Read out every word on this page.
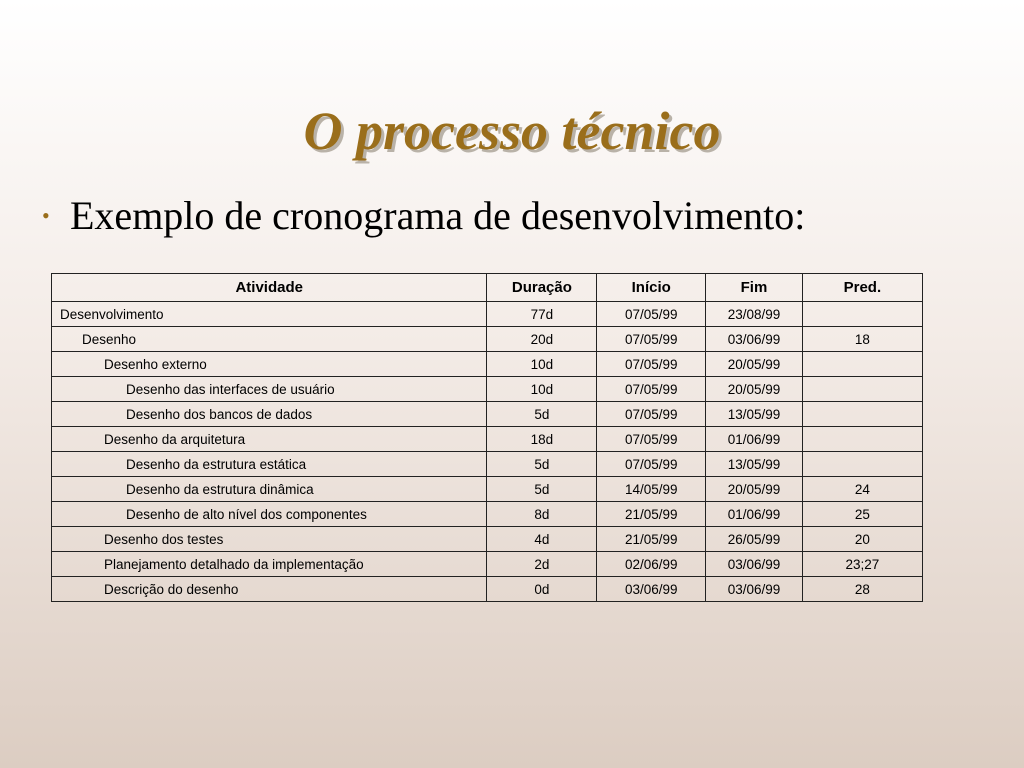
O processo técnico
• Exemplo de cronograma de desenvolvimento:
Atividade	Duração	Início	Fim	Pred.
Desenvolvimento	77d	07/05/99	23/08/99	
Desenho	20d	07/05/99	03/06/99	18
Desenho externo	10d	07/05/99	20/05/99	
Desenho das interfaces de usuário	10d	07/05/99	20/05/99	
Desenho dos bancos de dados	5d	07/05/99	13/05/99	
Desenho da arquitetura	18d	07/05/99	01/06/99	
Desenho da estrutura estática	5d	07/05/99	13/05/99	
Desenho da estrutura dinâmica	5d	14/05/99	20/05/99	24
Desenho de alto nível dos componentes	8d	21/05/99	01/06/99	25
Desenho dos testes	4d	21/05/99	26/05/99	20
Planejamento detalhado da implementação	2d	02/06/99	03/06/99	23;27
Descrição do desenho	0d	03/06/99	03/06/99	28
